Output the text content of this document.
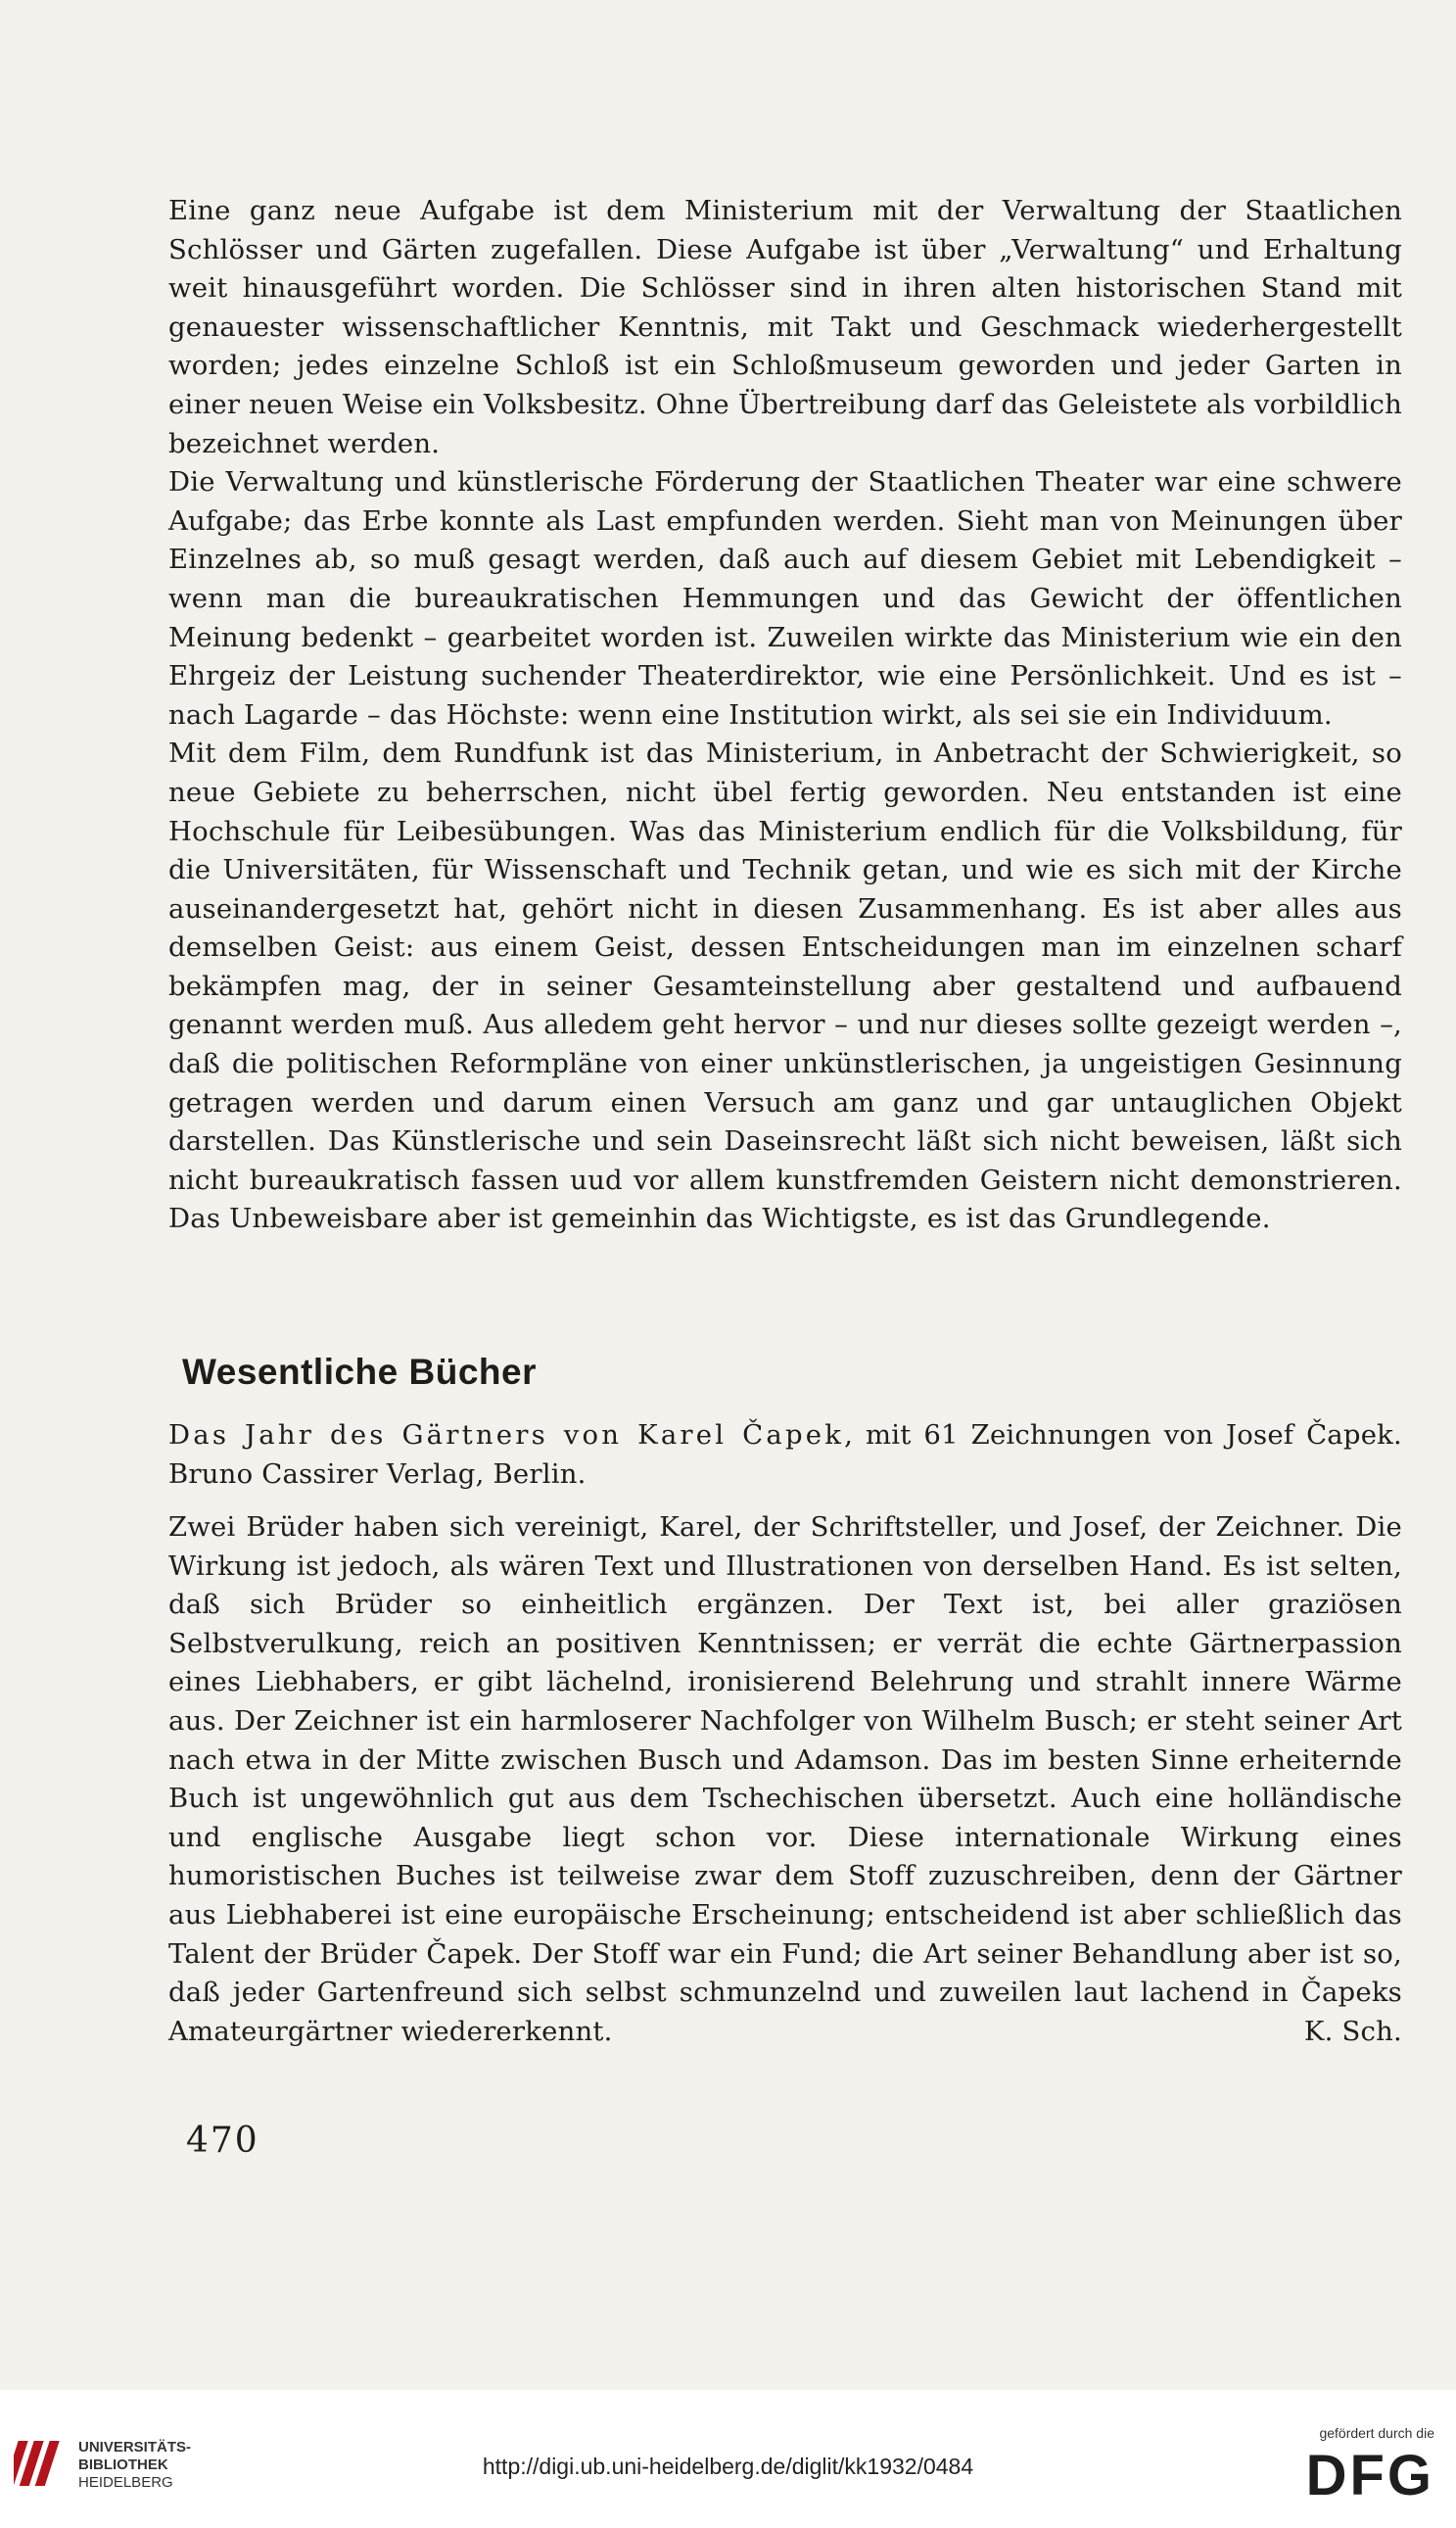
Eine ganz neue Aufgabe ist dem Ministerium mit der Verwaltung der Staatlichen Schlösser und Gärten zugefallen. Diese Aufgabe ist über „Verwaltung“ und Erhaltung weit hinausgeführt worden. Die Schlösser sind in ihren alten historischen Stand mit genauester wissenschaftlicher Kenntnis, mit Takt und Geschmack wiederhergestellt worden; jedes einzelne Schloß ist ein Schloßmuseum geworden und jeder Garten in einer neuen Weise ein Volksbesitz. Ohne Übertreibung darf das Geleistete als vorbildlich bezeichnet werden.

Die Verwaltung und künstlerische Förderung der Staatlichen Theater war eine schwere Aufgabe; das Erbe konnte als Last empfunden werden. Sieht man von Meinungen über Einzelnes ab, so muß gesagt werden, daß auch auf diesem Gebiet mit Lebendigkeit – wenn man die bureaukratischen Hemmungen und das Gewicht der öffentlichen Meinung bedenkt – gearbeitet worden ist. Zuweilen wirkte das Ministerium wie ein den Ehrgeiz der Leistung suchender Theaterdirektor, wie eine Persönlichkeit. Und es ist – nach Lagarde – das Höchste: wenn eine Institution wirkt, als sei sie ein Individuum.

Mit dem Film, dem Rundfunk ist das Ministerium, in Anbetracht der Schwierigkeit, so neue Gebiete zu beherrschen, nicht übel fertig geworden. Neu entstanden ist eine Hochschule für Leibesübungen. Was das Ministerium endlich für die Volksbildung, für die Universitäten, für Wissenschaft und Technik getan, und wie es sich mit der Kirche auseinandergesetzt hat, gehört nicht in diesen Zusammenhang. Es ist aber alles aus demselben Geist: aus einem Geist, dessen Entscheidungen man im einzelnen scharf bekämpfen mag, der in seiner Gesamteinstellung aber gestaltend und aufbauend genannt werden muß. Aus alledem geht hervor – und nur dieses sollte gezeigt werden –, daß die politischen Reformpläne von einer unkünstlerischen, ja ungeistigen Gesinnung getragen werden und darum einen Versuch am ganz und gar untauglichen Objekt darstellen. Das Künstlerische und sein Daseinsrecht läßt sich nicht beweisen, läßt sich nicht bureaukratisch fassen uud vor allem kunstfremden Geistern nicht demonstrieren. Das Unbeweisbare aber ist gemeinhin das Wichtigste, es ist das Grundlegende.

Wesentliche Bücher

Das Jahr des Gärtners von Karel Čapek, mit 61 Zeichnungen von Josef Čapek. Bruno Cassirer Verlag, Berlin.

Zwei Brüder haben sich vereinigt, Karel, der Schriftsteller, und Josef, der Zeichner. Die Wirkung ist jedoch, als wären Text und Illustrationen von derselben Hand. Es ist selten, daß sich Brüder so einheitlich ergänzen. Der Text ist, bei aller graziösen Selbstverulkung, reich an positiven Kenntnissen; er verrät die echte Gärtnerpassion eines Liebhabers, er gibt lächelnd, ironisierend Belehrung und strahlt innere Wärme aus. Der Zeichner ist ein harmloserer Nachfolger von Wilhelm Busch; er steht seiner Art nach etwa in der Mitte zwischen Busch und Adamson. Das im besten Sinne erheiternde Buch ist ungewöhnlich gut aus dem Tschechischen übersetzt. Auch eine holländische und englische Ausgabe liegt schon vor. Diese internationale Wirkung eines humoristischen Buches ist teilweise zwar dem Stoff zuzuschreiben, denn der Gärtner aus Liebhaberei ist eine europäische Erscheinung; entscheidend ist aber schließlich das Talent der Brüder Čapek. Der Stoff war ein Fund; die Art seiner Behandlung aber ist so, daß jeder Gartenfreund sich selbst schmunzelnd und zuweilen laut lachend in Čapeks Amateurgärtner wiedererkennt.	K. Sch.

470
UNIVERSITÄTS-
BIBLIOTHEK
HEIDELBERG
http://digi.ub.uni-heidelberg.de/diglit/kk1932/0484
gefördert durch die
DFG
